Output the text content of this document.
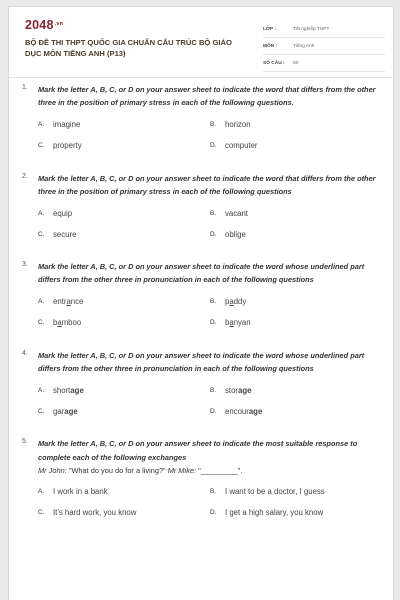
$2048^{.vn}$
BỘ ĐỀ THI THPT QUỐC GIA CHUẨN CẤU TRÚC BỘ GIÁO DỤC MÔN TIẾNG ANH (P13)
LỚP :	Tốt nghiệp THPT
MÔN :	Tiếng Anh
SỐ CÂU :	50
1. Mark the letter A, B, C, or D on your answer sheet to indicate the word that differs from the other three in the position of primary stress in each of the following questions.
A.	imagine	B.	horizon
C.	property	D.	computer
2. Mark the letter A, B, C, or D on your answer sheet to indicate the word that differs from the other three in the position of primary stress in each of the following questions
A.	equip	B.	vacant
C.	secure	D.	oblige
3. Mark the letter A, B, C, or D on your answer sheet to indicate the word whose underlined part differs from the other three in pronunciation in each of the following questions
A.	entr a nce	B.	p a ddy
C.	b a mboo	D.	b a nyan
4. Mark the letter A, B, C, or D on your answer sheet to indicate the word whose underlined part differs from the other three in pronunciation in each of the following questions
A.	short age	B.	stor age
C.	gar age	D.	encour age
5. Mark the letter A, B, C, or D on your answer sheet to indicate the most suitable response to complete each of the following exchanges
Mr John: "What do you do for a living?" Mr Mike: "_________".
A.	I work in a bank	B.	I want to be a doctor, I guess
C.	It's hard work, you know	D.	I get a high salary, you know
